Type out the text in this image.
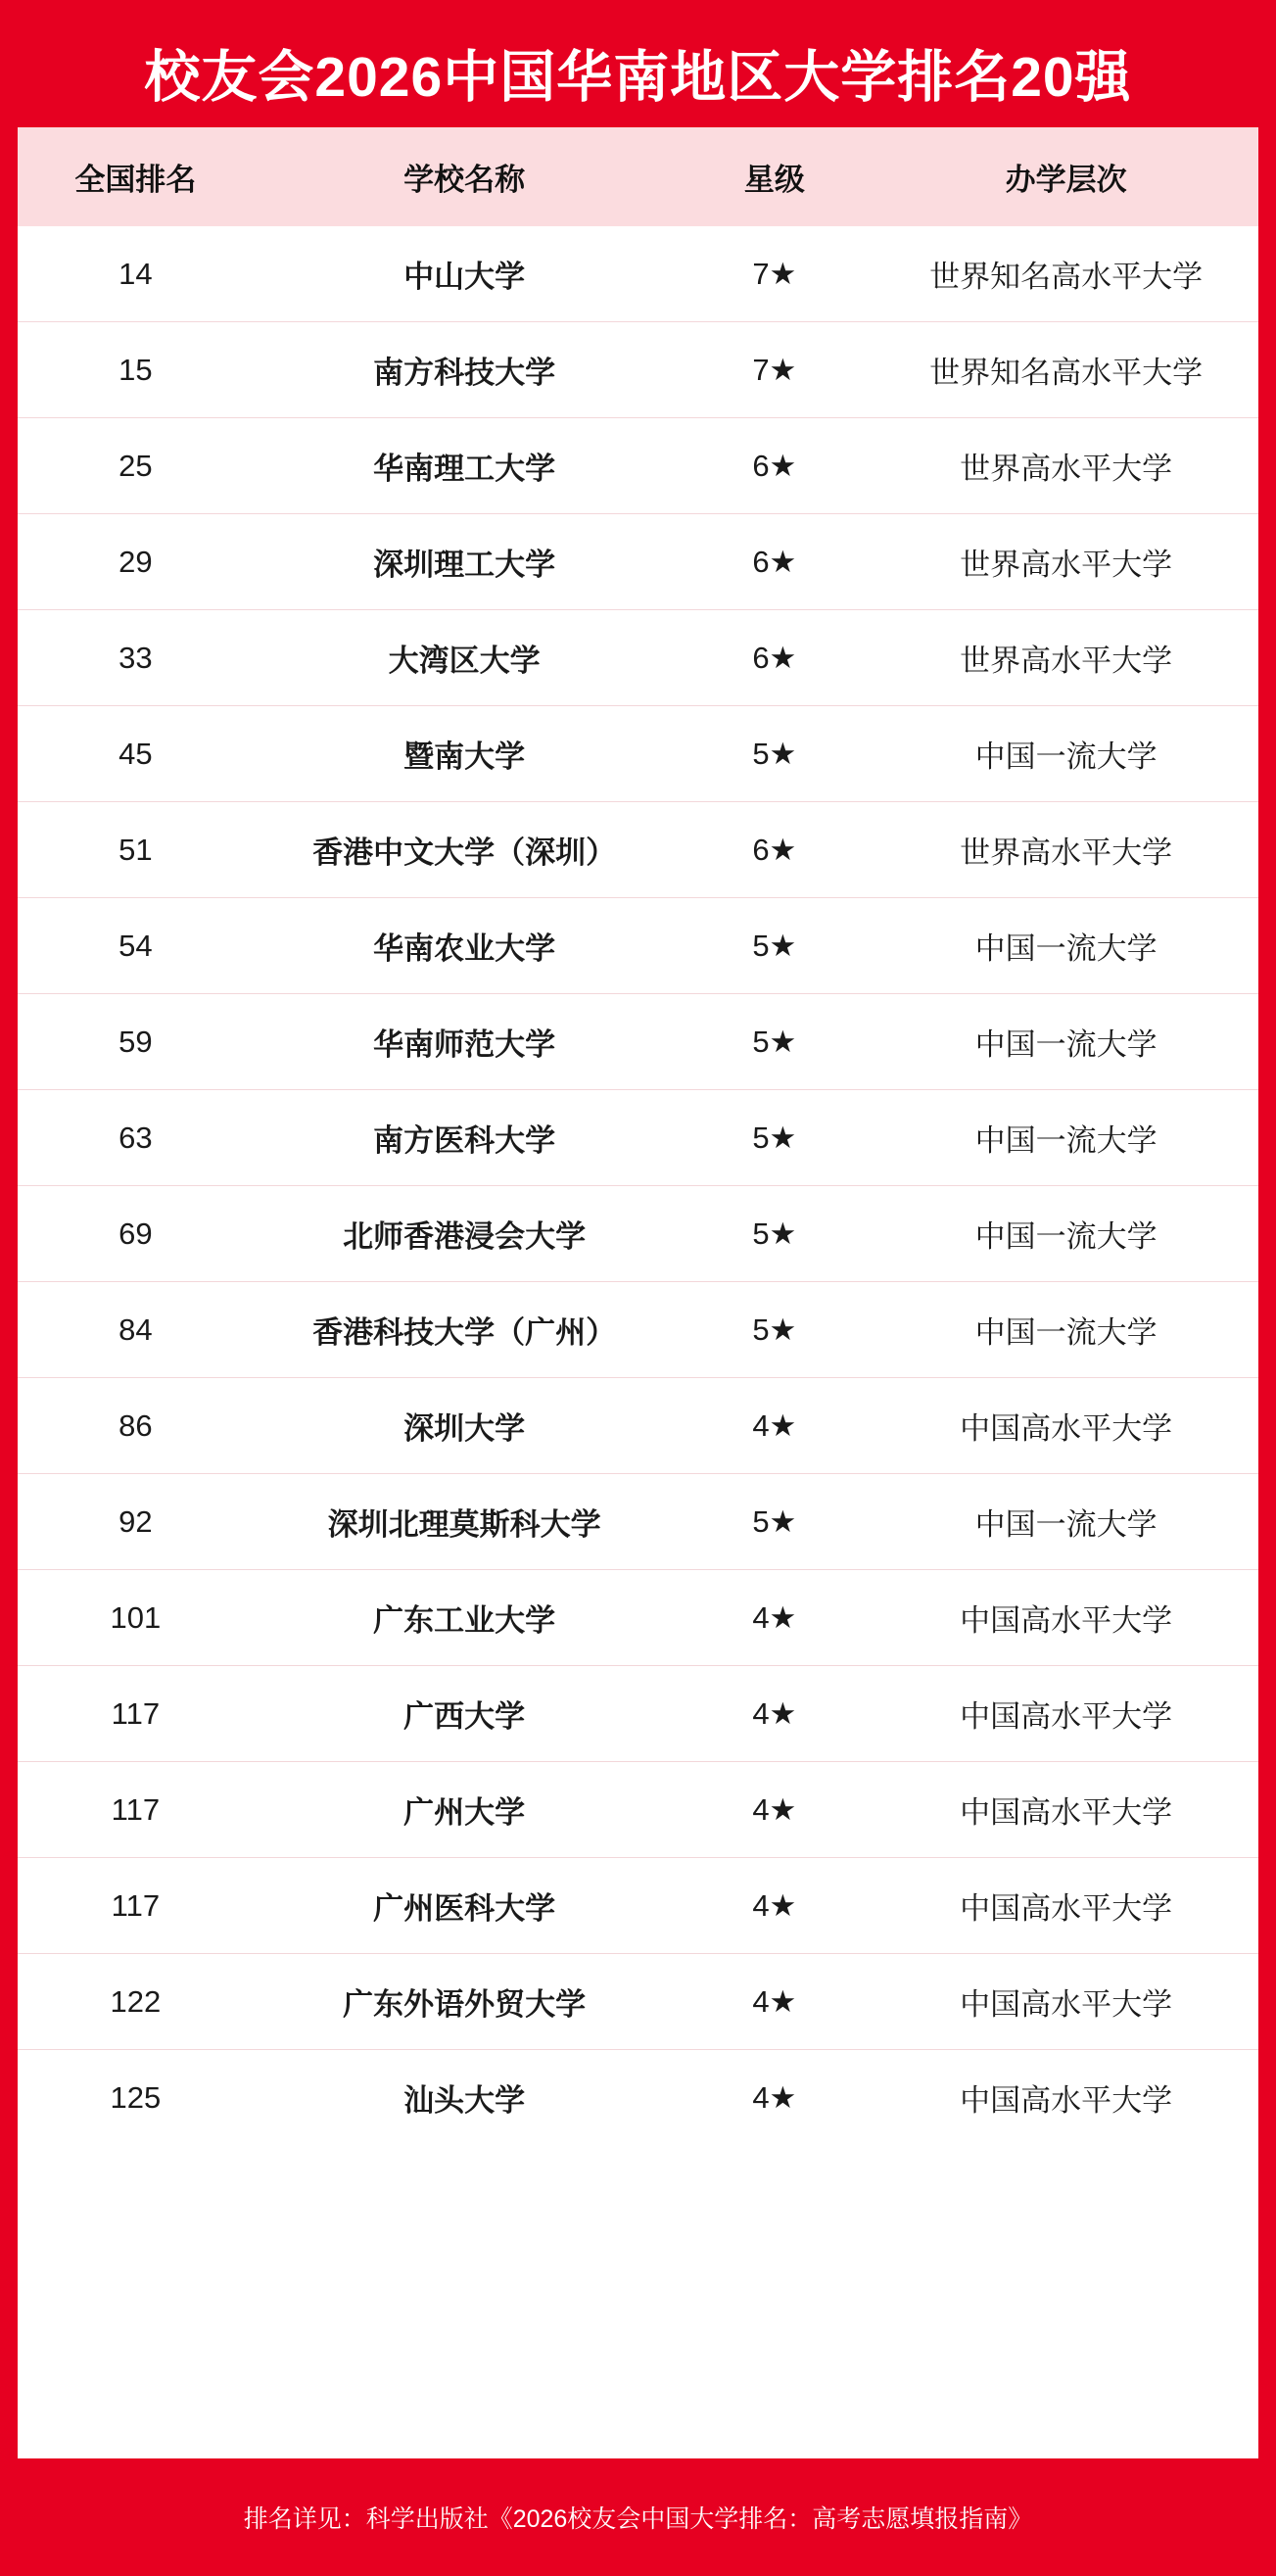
校友会2026中国华南地区大学排名20强
全国排名	学校名称	星级	办学层次
14	中山大学	7★	世界知名高水平大学
15	南方科技大学	7★	世界知名高水平大学
25	华南理工大学	6★	世界高水平大学
29	深圳理工大学	6★	世界高水平大学
33	大湾区大学	6★	世界高水平大学
45	暨南大学	5★	中国一流大学
51	香港中文大学（深圳）	6★	世界高水平大学
54	华南农业大学	5★	中国一流大学
59	华南师范大学	5★	中国一流大学
63	南方医科大学	5★	中国一流大学
69	北师香港浸会大学	5★	中国一流大学
84	香港科技大学（广州）	5★	中国一流大学
86	深圳大学	4★	中国高水平大学
92	深圳北理莫斯科大学	5★	中国一流大学
101	广东工业大学	4★	中国高水平大学
117	广西大学	4★	中国高水平大学
117	广州大学	4★	中国高水平大学
117	广州医科大学	4★	中国高水平大学
122	广东外语外贸大学	4★	中国高水平大学
125	汕头大学	4★	中国高水平大学
排名详见：科学出版社《2026校友会中国大学排名：高考志愿填报指南》
